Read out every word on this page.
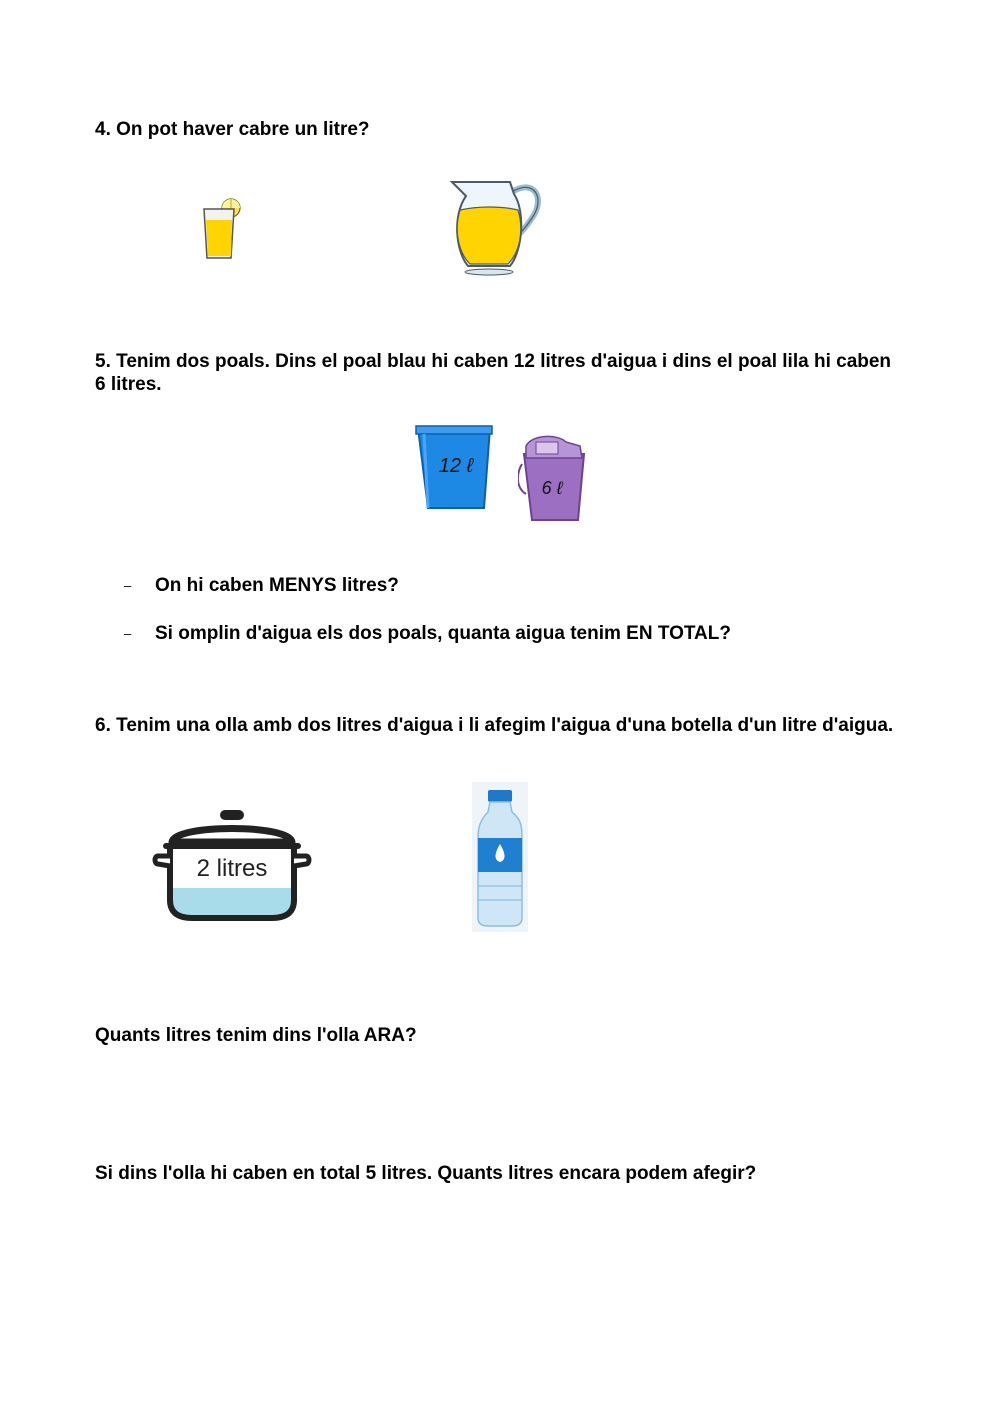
4. On pot haver cabre un litre?

5. Tenim dos poals. Dins el poal blau hi caben 12 litres d'aigua i dins el poal lila hi caben 6 litres.

12 ℓ
6 ℓ
– On hi caben MENYS litres?
– Si omplin d'aigua els dos poals, quanta aigua tenim EN TOTAL?

6. Tenim una olla amb dos litres d'aigua i li afegim l'aigua d'una botella d'un litre d'aigua.

2 litres

Quants litres tenim dins l'olla ARA?

Si dins l'olla hi caben en total 5 litres. Quants litres encara podem afegir?
